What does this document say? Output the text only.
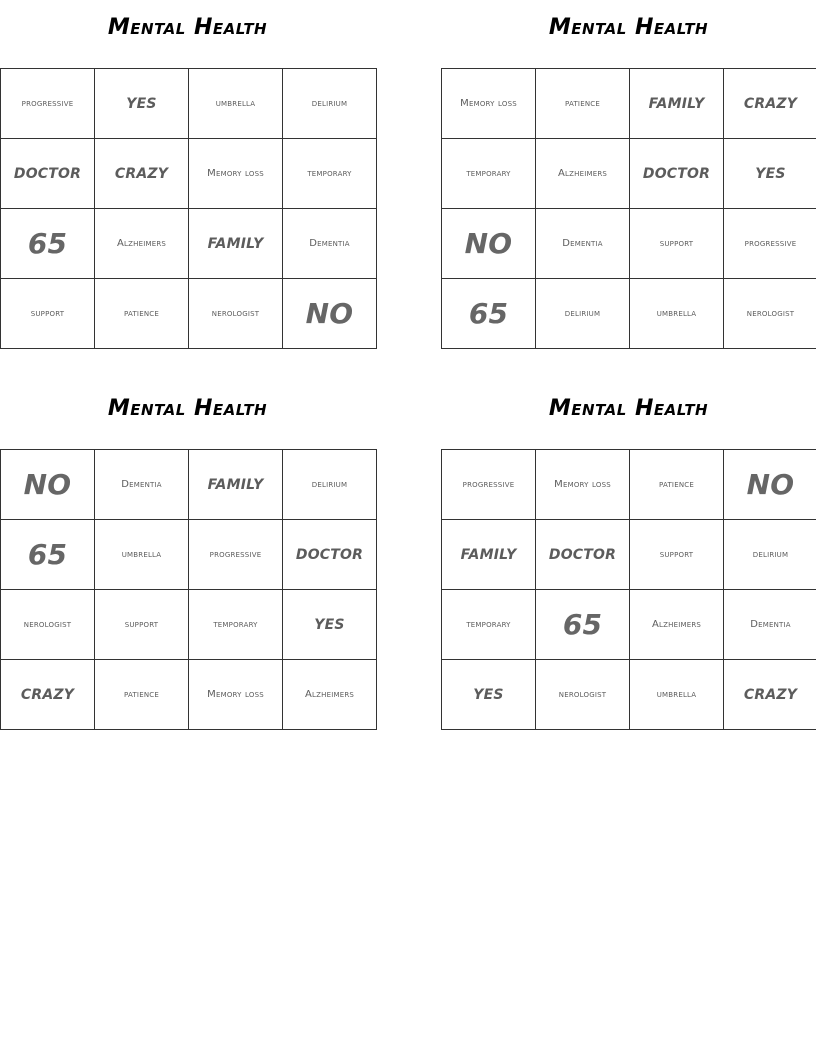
Mental Health
progressive	YES	umbrella	delirium
DOCTOR	CRAZY	Memory loss	temporary
65	Alzheimers	FAMILY	Dementia
support	patience	nerologist	NO
Mental Health
Memory loss	patience	FAMILY	CRAZY
temporary	Alzheimers	DOCTOR	YES
NO	Dementia	support	progressive
65	delirium	umbrella	nerologist
Mental Health
NO	Dementia	FAMILY	delirium
65	umbrella	progressive	DOCTOR
nerologist	support	temporary	YES
CRAZY	patience	Memory loss	Alzheimers
Mental Health
progressive	Memory loss	patience	NO
FAMILY	DOCTOR	support	delirium
temporary	65	Alzheimers	Dementia
YES	nerologist	umbrella	CRAZY
